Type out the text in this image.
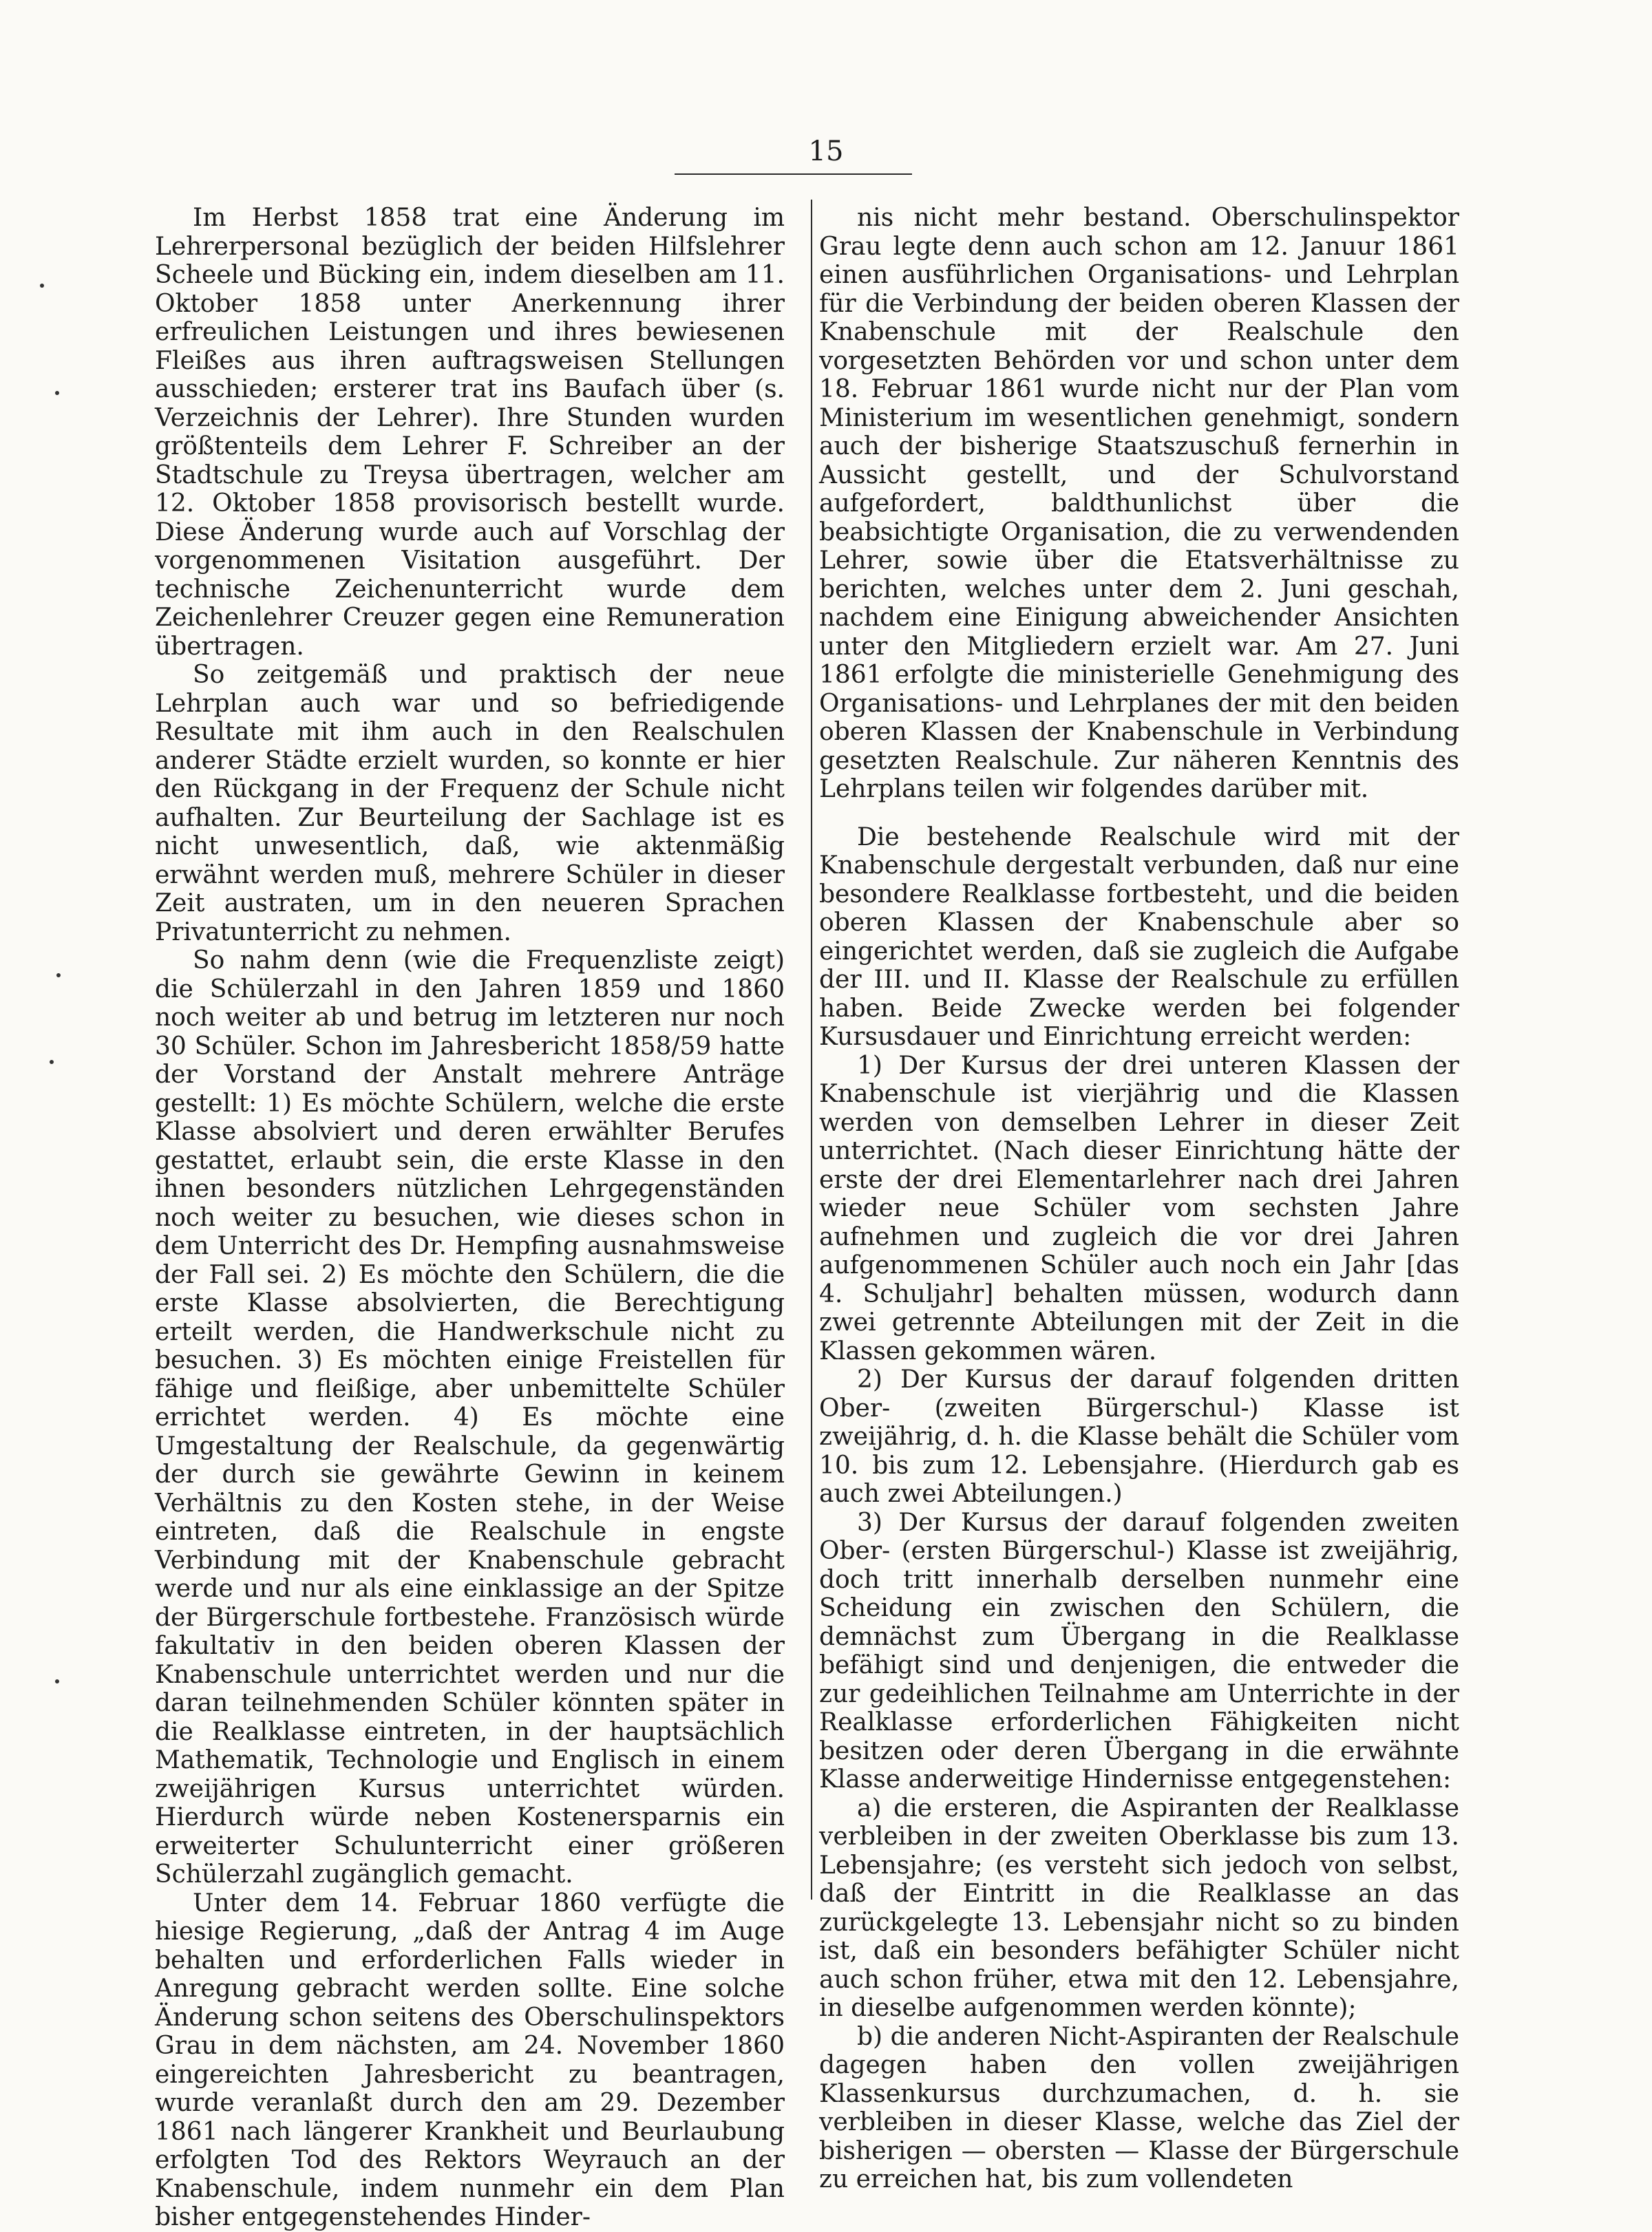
15

Im Herbst 1858 trat eine Änderung im Lehrerpersonal bezüglich der beiden Hilfslehrer Scheele und Bücking ein, indem dieselben am 11. Oktober 1858 unter Anerkennung ihrer erfreulichen Leistungen und ihres bewiesenen Fleißes aus ihren auftragsweisen Stellungen ausschieden; ersterer trat ins Baufach über (s. Verzeichnis der Lehrer). Ihre Stunden wurden größtenteils dem Lehrer F. Schreiber an der Stadtschule zu Treysa übertragen, welcher am 12. Oktober 1858 provisorisch bestellt wurde. Diese Änderung wurde auch auf Vorschlag der vorgenommenen Visitation ausgeführt. Der technische Zeichenunterricht wurde dem Zeichenlehrer Creuzer gegen eine Remuneration übertragen.

So zeitgemäß und praktisch der neue Lehrplan auch war und so befriedigende Resultate mit ihm auch in den Realschulen anderer Städte erzielt wurden, so konnte er hier den Rückgang in der Frequenz der Schule nicht aufhalten. Zur Beurteilung der Sachlage ist es nicht unwesentlich, daß, wie aktenmäßig erwähnt werden muß, mehrere Schüler in dieser Zeit austraten, um in den neueren Sprachen Privatunterricht zu nehmen.

So nahm denn (wie die Frequenzliste zeigt) die Schülerzahl in den Jahren 1859 und 1860 noch weiter ab und betrug im letzteren nur noch 30 Schüler. Schon im Jahresbericht 1858/59 hatte der Vorstand der Anstalt mehrere Anträge gestellt: 1) Es möchte Schülern, welche die erste Klasse absolviert und deren erwählter Berufes gestattet, erlaubt sein, die erste Klasse in den ihnen besonders nützlichen Lehrgegenständen noch weiter zu besuchen, wie dieses schon in dem Unterricht des Dr. Hempfing ausnahmsweise der Fall sei. 2) Es möchte den Schülern, die die erste Klasse absolvierten, die Berechtigung erteilt werden, die Handwerkschule nicht zu besuchen. 3) Es möchten einige Freistellen für fähige und fleißige, aber unbemittelte Schüler errichtet werden. 4) Es möchte eine Umgestaltung der Realschule, da gegenwärtig der durch sie gewährte Gewinn in keinem Verhältnis zu den Kosten stehe, in der Weise eintreten, daß die Realschule in engste Verbindung mit der Knabenschule gebracht werde und nur als eine einklassige an der Spitze der Bürgerschule fortbestehe. Französisch würde fakultativ in den beiden oberen Klassen der Knabenschule unterrichtet werden und nur die daran teilnehmenden Schüler könnten später in die Realklasse eintreten, in der hauptsächlich Mathematik, Technologie und Englisch in einem zweijährigen Kursus unterrichtet würden. Hierdurch würde neben Kostenersparnis ein erweiterter Schulunterricht einer größeren Schülerzahl zugänglich gemacht.

Unter dem 14. Februar 1860 verfügte die hiesige Regierung, „daß der Antrag 4 im Auge behalten und erforderlichen Falls wieder in Anregung gebracht werden sollte. Eine solche Änderung schon seitens des Oberschulinspektors Grau in dem nächsten, am 24. November 1860 eingereichten Jahresbericht zu beantragen, wurde veranlaßt durch den am 29. Dezember 1861 nach längerer Krankheit und Beurlaubung erfolgten Tod des Rektors Weyrauch an der Knabenschule, indem nunmehr ein dem Plan bisher entgegenstehendes Hinder-

nis nicht mehr bestand. Oberschulinspektor Grau legte denn auch schon am 12. Januur 1861 einen ausführlichen Organisations- und Lehrplan für die Verbindung der beiden oberen Klassen der Knabenschule mit der Realschule den vorgesetzten Behörden vor und schon unter dem 18. Februar 1861 wurde nicht nur der Plan vom Ministerium im wesentlichen genehmigt, sondern auch der bisherige Staatszuschuß fernerhin in Aussicht gestellt, und der Schulvorstand aufgefordert, baldthunlichst über die beabsichtigte Organisation, die zu verwendenden Lehrer, sowie über die Etatsverhältnisse zu berichten, welches unter dem 2. Juni geschah, nachdem eine Einigung abweichender Ansichten unter den Mitgliedern erzielt war. Am 27. Juni 1861 erfolgte die ministerielle Genehmigung des Organisations- und Lehrplanes der mit den beiden oberen Klassen der Knabenschule in Verbindung gesetzten Realschule. Zur näheren Kenntnis des Lehrplans teilen wir folgendes darüber mit.

Die bestehende Realschule wird mit der Knabenschule dergestalt verbunden, daß nur eine besondere Realklasse fortbesteht, und die beiden oberen Klassen der Knabenschule aber so eingerichtet werden, daß sie zugleich die Aufgabe der III. und II. Klasse der Realschule zu erfüllen haben. Beide Zwecke werden bei folgender Kursusdauer und Einrichtung erreicht werden:

1) Der Kursus der drei unteren Klassen der Knabenschule ist vierjährig und die Klassen werden von demselben Lehrer in dieser Zeit unterrichtet. (Nach dieser Einrichtung hätte der erste der drei Elementarlehrer nach drei Jahren wieder neue Schüler vom sechsten Jahre aufnehmen und zugleich die vor drei Jahren aufgenommenen Schüler auch noch ein Jahr [das 4. Schuljahr] behalten müssen, wodurch dann zwei getrennte Abteilungen mit der Zeit in die Klassen gekommen wären.

2) Der Kursus der darauf folgenden dritten Ober- (zweiten Bürgerschul-) Klasse ist zweijährig, d. h. die Klasse behält die Schüler vom 10. bis zum 12. Lebensjahre. (Hierdurch gab es auch zwei Abteilungen.)

3) Der Kursus der darauf folgenden zweiten Ober- (ersten Bürgerschul-) Klasse ist zweijährig, doch tritt innerhalb derselben nunmehr eine Scheidung ein zwischen den Schülern, die demnächst zum Übergang in die Realklasse befähigt sind und denjenigen, die entweder die zur gedeihlichen Teilnahme am Unterrichte in der Realklasse erforderlichen Fähigkeiten nicht besitzen oder deren Übergang in die erwähnte Klasse anderweitige Hindernisse entgegenstehen:

a) die ersteren, die Aspiranten der Realklasse verbleiben in der zweiten Oberklasse bis zum 13. Lebensjahre; (es versteht sich jedoch von selbst, daß der Eintritt in die Realklasse an das zurückgelegte 13. Lebensjahr nicht so zu binden ist, daß ein besonders befähigter Schüler nicht auch schon früher, etwa mit den 12. Lebensjahre, in dieselbe aufgenommen werden könnte);

b) die anderen Nicht-Aspiranten der Realschule dagegen haben den vollen zweijährigen Klassenkursus durchzumachen, d. h. sie verbleiben in dieser Klasse, welche das Ziel der bisherigen — obersten — Klasse der Bürgerschule zu erreichen hat, bis zum vollendeten
